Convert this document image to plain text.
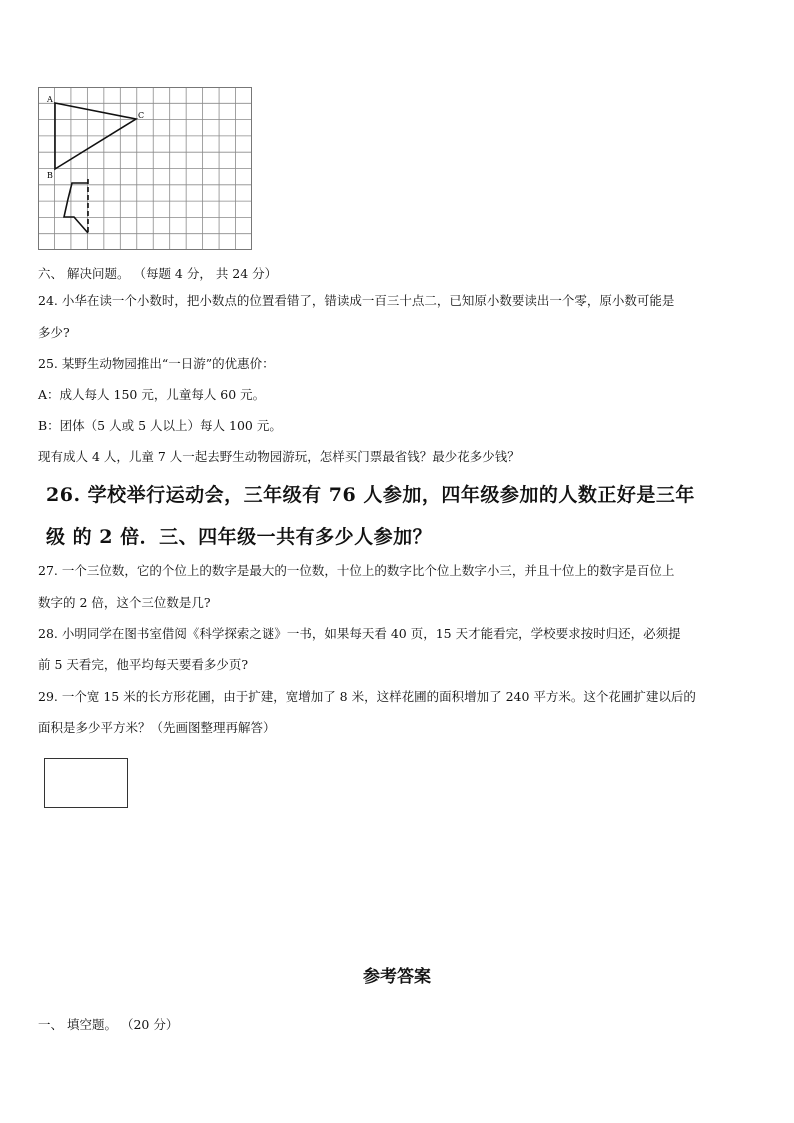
A
B
C
六、 解决问题。 （每题 4 分， 共 24 分）
24. 小华在读一个小数时，把小数点的位置看错了，错读成一百三十点二，已知原小数要读出一个零，原小数可能是
多少?
25. 某野生动物园推出“一日游”的优惠价：
A：成人每人 150 元，儿童每人 60 元。
B：团体（5 人或 5 人以上）每人 100 元。
现有成人 4 人，儿童 7 人一起去野生动物园游玩，怎样买门票最省钱？最少花多少钱？
26. 学校举行运动会，三年级有 76 人参加，四年级参加的人数正好是三年
级 的 2 倍．三、四年级一共有多少人参加？
27. 一个三位数，它的个位上的数字是最大的一位数，十位上的数字比个位上数字小三，并且十位上的数字是百位上
数字的 2 倍，这个三位数是几?
28. 小明同学在图书室借阅《科学探索之谜》一书，如果每天看 40 页，15 天才能看完，学校要求按时归还，必须提
前 5 天看完，他平均每天要看多少页?
29. 一个宽 15 米的长方形花圃，由于扩建，宽增加了 8 米，这样花圃的面积增加了 240 平方米。这个花圃扩建以后的
面积是多少平方米？（先画图整理再解答）
参考答案
一、 填空题。 （20 分）
